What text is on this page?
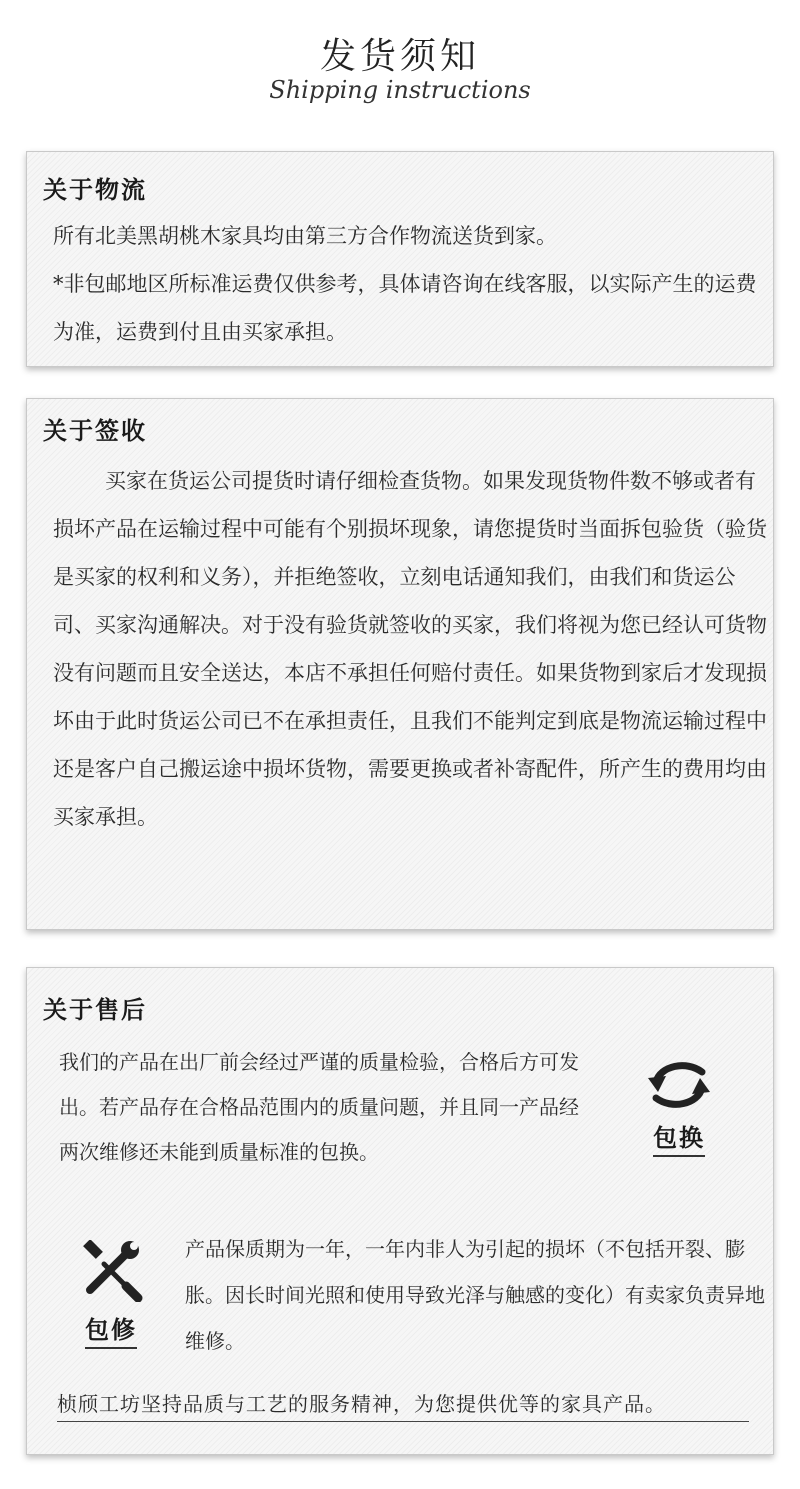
发货须知
Shipping instructions
关于物流

所有北美黑胡桃木家具均由第三方合作物流送货到家。

*非包邮地区所标准运费仅供参考，具体请咨询在线客服，以实际产生的运费为准，运费到付且由买家承担。

关于签收

买家在货运公司提货时请仔细检查货物。如果发现货物件数不够或者有损坏产品在运输过程中可能有个别损坏现象，请您提货时当面拆包验货（验货是买家的权利和义务），并拒绝签收，立刻电话通知我们，由我们和货运公司、买家沟通解决。对于没有验货就签收的买家，我们将视为您已经认可货物没有问题而且安全送达，本店不承担任何赔付责任。如果货物到家后才发现损坏由于此时货运公司已不在承担责任，且我们不能判定到底是物流运输过程中还是客户自己搬运途中损坏货物，需要更换或者补寄配件，所产生的费用均由买家承担。

关于售后
我们的产品在出厂前会经过严谨的质量检验，合格后方可发出。若产品存在合格品范围内的质量问题，并且同一产品经两次维修还未能到质量标准的包换。	包换
包修
产品保质期为一年，一年内非人为引起的损坏（不包括开裂、膨胀。因长时间光照和使用导致光泽与触感的变化）有卖家负责异地维修。
桢颀工坊坚持品质与工艺的服务精神，为您提供优等的家具产品。
